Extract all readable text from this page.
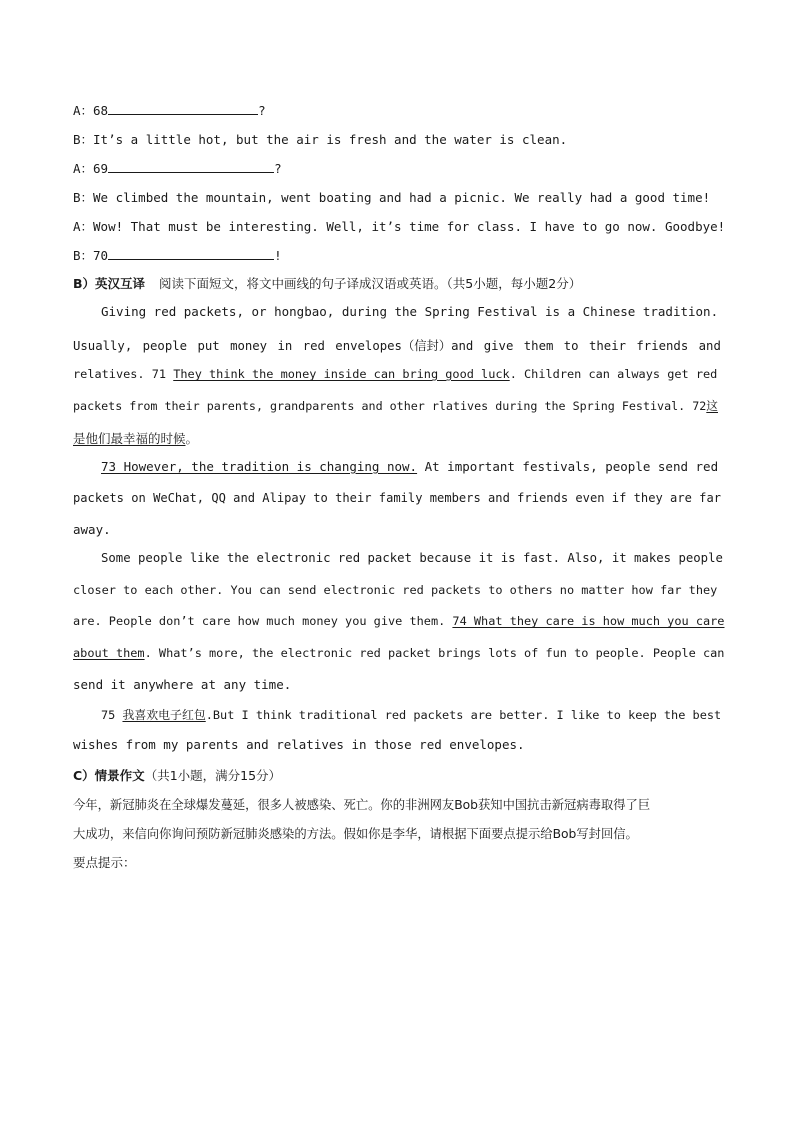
A：68	?
B：It’s a little hot, but the air is fresh and the water is clean.
A：69	?
B：We climbed the mountain, went boating and had a picnic. We really had a good time!
A：Wow! That must be interesting. Well, it’s time for class. I have to go now. Goodbye!
B：70	!
B）英汉互译 阅读下面短文，将文中画线的句子译成汉语或英语。（共5小题，每小题2分）
Giving red packets, or hongbao, during the Spring Festival is a Chinese tradition.
Usually, people put money in red envelopes（信封）and give them to their friends and
relatives. 71 They think the money inside can bring good luck. Children can always get red
packets from their parents, grandparents and other rlatives during the Spring Festival. 72这
是他们最幸福的时候。
73 However, the tradition is changing now. At important festivals, people send red
packets on WeChat, QQ and Alipay to their family members and friends even if they are far
away.
Some people like the electronic red packet because it is fast. Also, it makes people
closer to each other. You can send electronic red packets to others no matter how far they
are. People don’t care how much money you give them. 74 What they care is how much you care
about them. What’s more, the electronic red packet brings lots of fun to people. People can
send it anywhere at any time.
75 我喜欢电子红包.But I think traditional red packets are better. I like to keep the best
wishes from my parents and relatives in those red envelopes.
C）情景作文（共1小题，满分15分）
今年，新冠肺炎在全球爆发蔓延，很多人被感染、死亡。你的非洲网友Bob获知中国抗击新冠病毒取得了巨
大成功，来信向你询问预防新冠肺炎感染的方法。假如你是李华，请根据下面要点提示给Bob写封回信。
要点提示：
